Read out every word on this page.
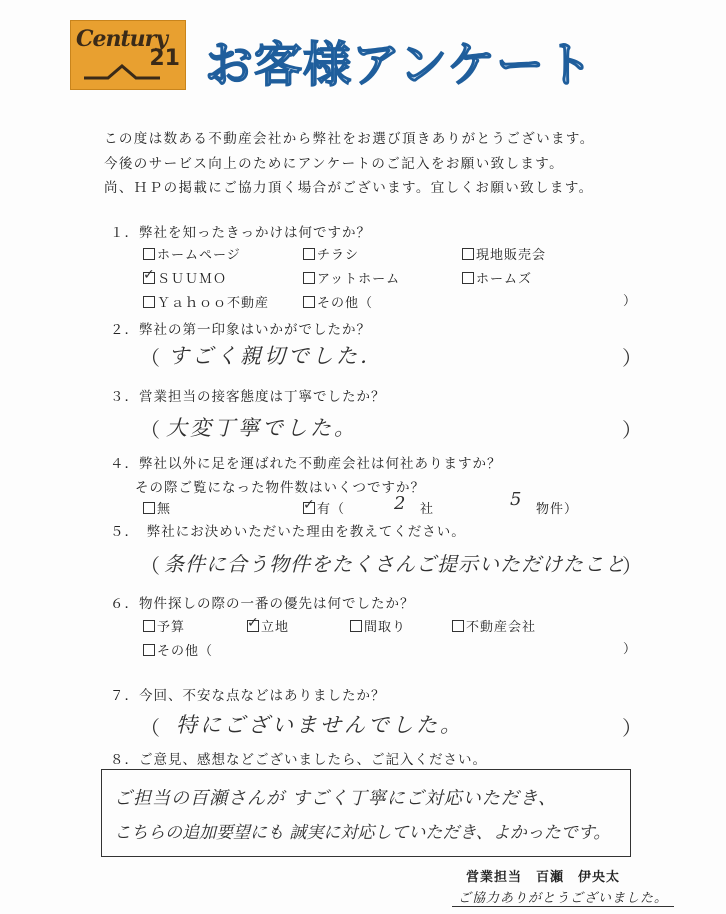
Century
21 お客様アンケート
この度は数ある不動産会社から弊社をお選び頂きありがとうございます。
今後のサービス向上のためにアンケートのご記入をお願い致します。
尚、ＨＰの掲載にご協力頂く場合がございます。宜しくお願い致します。
１．弊社を知ったきっかけは何ですか？
ホームページ	チラシ	現地販売会
✓ ＳＵＵＭＯ	アットホーム	ホームズ
Ｙａｈｏｏ不動産	その他（	）
２．弊社の第一印象はいかがでしたか？
（ すごく親切でした．	）
３．営業担当の接客態度は丁寧でしたか？
（ 大変丁寧でした。	）
４．弊社以外に足を運ばれた不動産会社は何社ありますか？
その際ご覧になった物件数はいくつですか？
無	✓ 有（	2 社	5 物件）
５．　弊社にお決めいただいた理由を教えてください。
（ 条件に合う物件をたくさんご提示いただけたこと
）
６．物件探しの際の一番の優先は何でしたか？
予算	✓ 立地	間取り	不動産会社
その他（	）
７．今回、不安な点などはありましたか？
（ 特にございませんでした。	）
８．ご意見、感想などございましたら、ご記入ください。
ご担当の百瀬さんが すごく丁寧にご対応いただき、
こちらの追加要望にも 誠実に対応していただき、よかったです。
営業担当　百瀬　伊央太
ご協力ありがとうございました。
